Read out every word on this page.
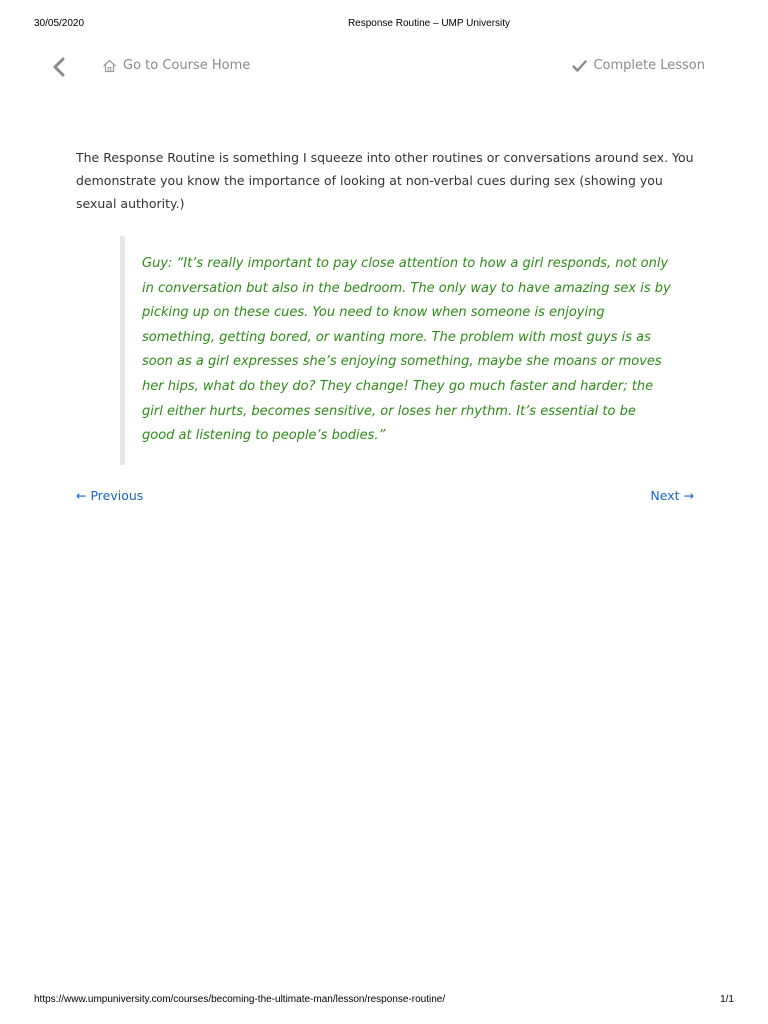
30/05/2020	Response Routine – UMP University
Go to Course Home	Complete Lesson

The Response Routine is something I squeeze into other routines or conversations around sex. You demonstrate you know the importance of looking at non-verbal cues during sex (showing you sexual authority.)

Guy: “It’s really important to pay close attention to how a girl responds, not only in conversation but also in the bedroom. The only way to have amazing sex is by picking up on these cues. You need to know when someone is enjoying something, getting bored, or wanting more. The problem with most guys is as soon as a girl expresses she’s enjoying something, maybe she moans or moves her hips, what do they do? They change! They go much faster and harder; the girl either hurts, becomes sensitive, or loses her rhythm. It’s essential to be good at listening to people’s bodies.”

← Previous	Next →
https://www.umpuniversity.com/courses/becoming-the-ultimate-man/lesson/response-routine/	1/1
